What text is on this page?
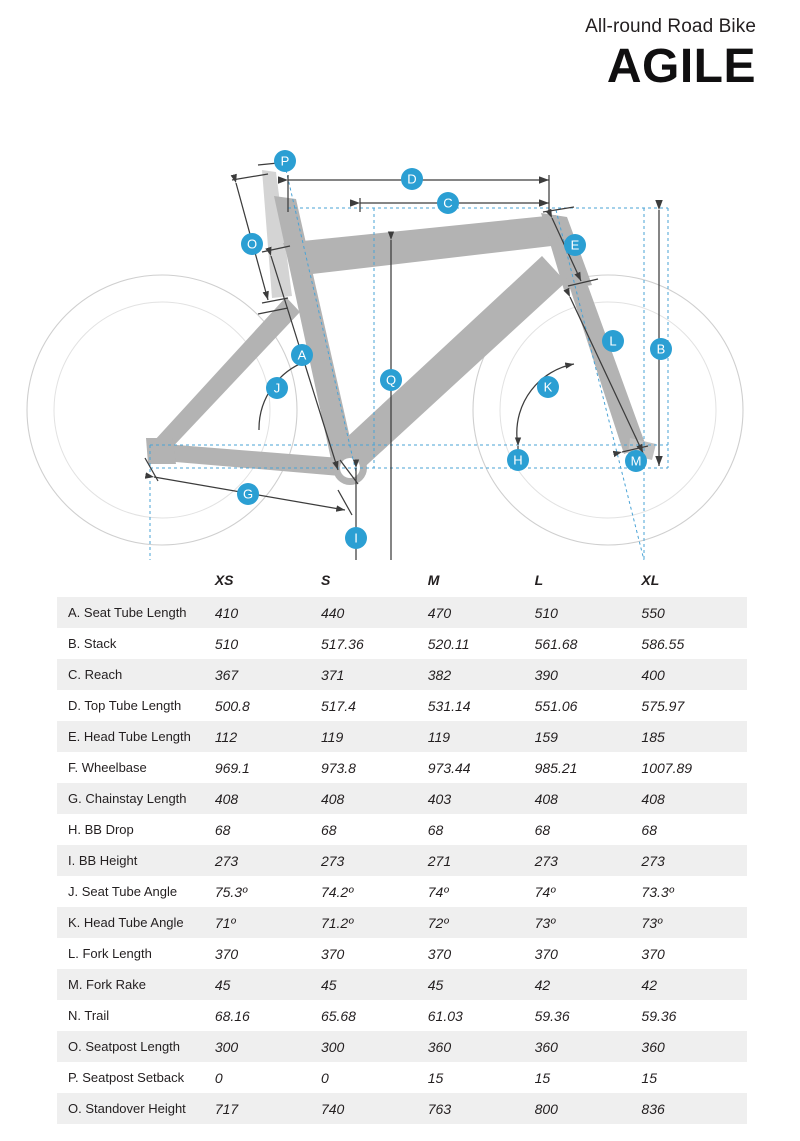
All-round Road Bike
AGILE
A	B
C
D
E
G
H
I
J	K
L
M
O
P
Q
	XS	S	M	L	XL
A. Seat Tube Length	410	440	470	510	550
B. Stack	510	517.36	520.11	561.68	586.55
C. Reach	367	371	382	390	400
D. Top Tube Length	500.8	517.4	531.14	551.06	575.97
E. Head Tube Length	112	119	119	159	185
F. Wheelbase	969.1	973.8	973.44	985.21	1007.89
G. Chainstay Length	408	408	403	408	408
H. BB Drop	68	68	68	68	68
I. BB Height	273	273	271	273	273
J. Seat Tube Angle	75.3º	74.2º	74º	74º	73.3º
K. Head Tube Angle	71º	71.2º	72º	73º	73º
L. Fork Length	370	370	370	370	370
M. Fork Rake	45	45	45	42	42
N. Trail	68.16	65.68	61.03	59.36	59.36
O. Seatpost Length	300	300	360	360	360
P. Seatpost Setback	0	0	15	15	15
O. Standover Height	717	740	763	800	836
